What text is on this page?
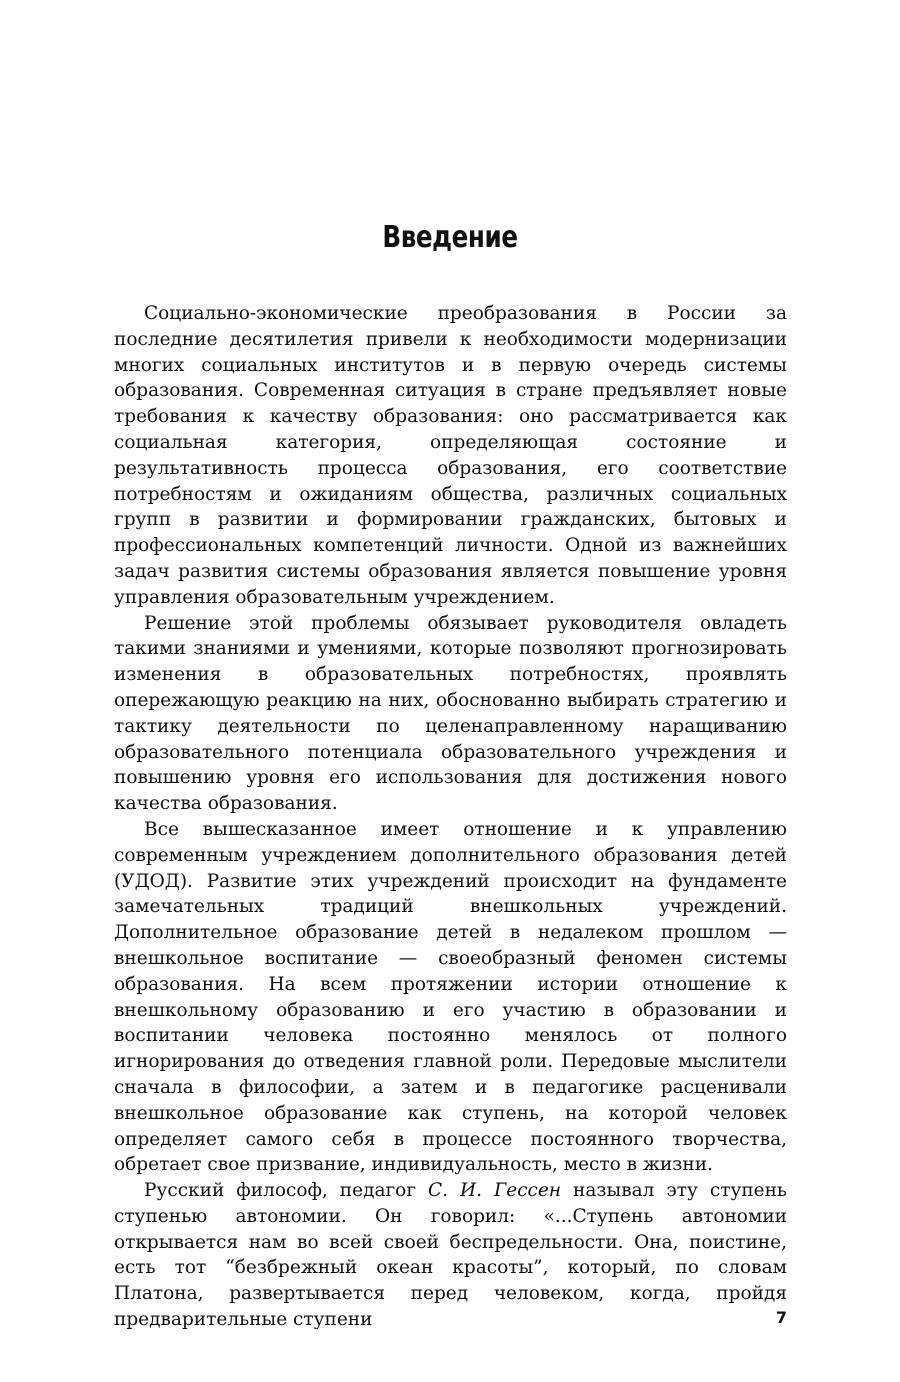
Введение

Социально-экономические преобразования в России за последние десятилетия привели к необходимости модернизации многих социальных институтов и в первую очередь системы образования. Современная ситуация в стране предъявляет новые требования к качеству образования: оно рассматривается как социальная категория, определяющая состояние и результативность процесса образования, его соответствие потребностям и ожиданиям общества, различных социальных групп в развитии и формировании гражданских, бытовых и профессиональных компетенций личности. Одной из важнейших задач развития системы образования является повышение уровня управления образовательным учреждением.

Решение этой проблемы обязывает руководителя овладеть такими знаниями и умениями, которые позволяют прогнозировать изменения в образовательных потребностях, проявлять опережающую реакцию на них, обоснованно выбирать стратегию и тактику деятельности по целенаправленному наращиванию образовательного потенциала образовательного учреждения и повышению уровня его использования для достижения нового качества образования.

Все вышесказанное имеет отношение и к управлению современным учреждением дополнительного образования детей (УДОД). Развитие этих учреждений происходит на фундаменте замечательных традиций внешкольных учреждений. Дополнительное образование детей в недалеком прошлом — внешкольное воспитание — своеобразный феномен системы образования. На всем протяжении истории отношение к внешкольному образованию и его участию в образовании и воспитании человека постоянно менялось от полного игнорирования до отведения главной роли. Передовые мыслители сначала в философии, а затем и в педагогике расценивали внешкольное образование как ступень, на которой человек определяет самого себя в процессе постоянного творчества, обретает свое призвание, индивидуальность, место в жизни.

Русский философ, педагог С. И. Гессен называл эту ступень ступенью автономии. Он говорил: «...Ступень автономии открывается нам во всей своей беспредельности. Она, поистине, есть тот “безбрежный океан красоты”, который, по словам Платона, развертывается перед человеком, когда, пройдя предварительные ступени	7
